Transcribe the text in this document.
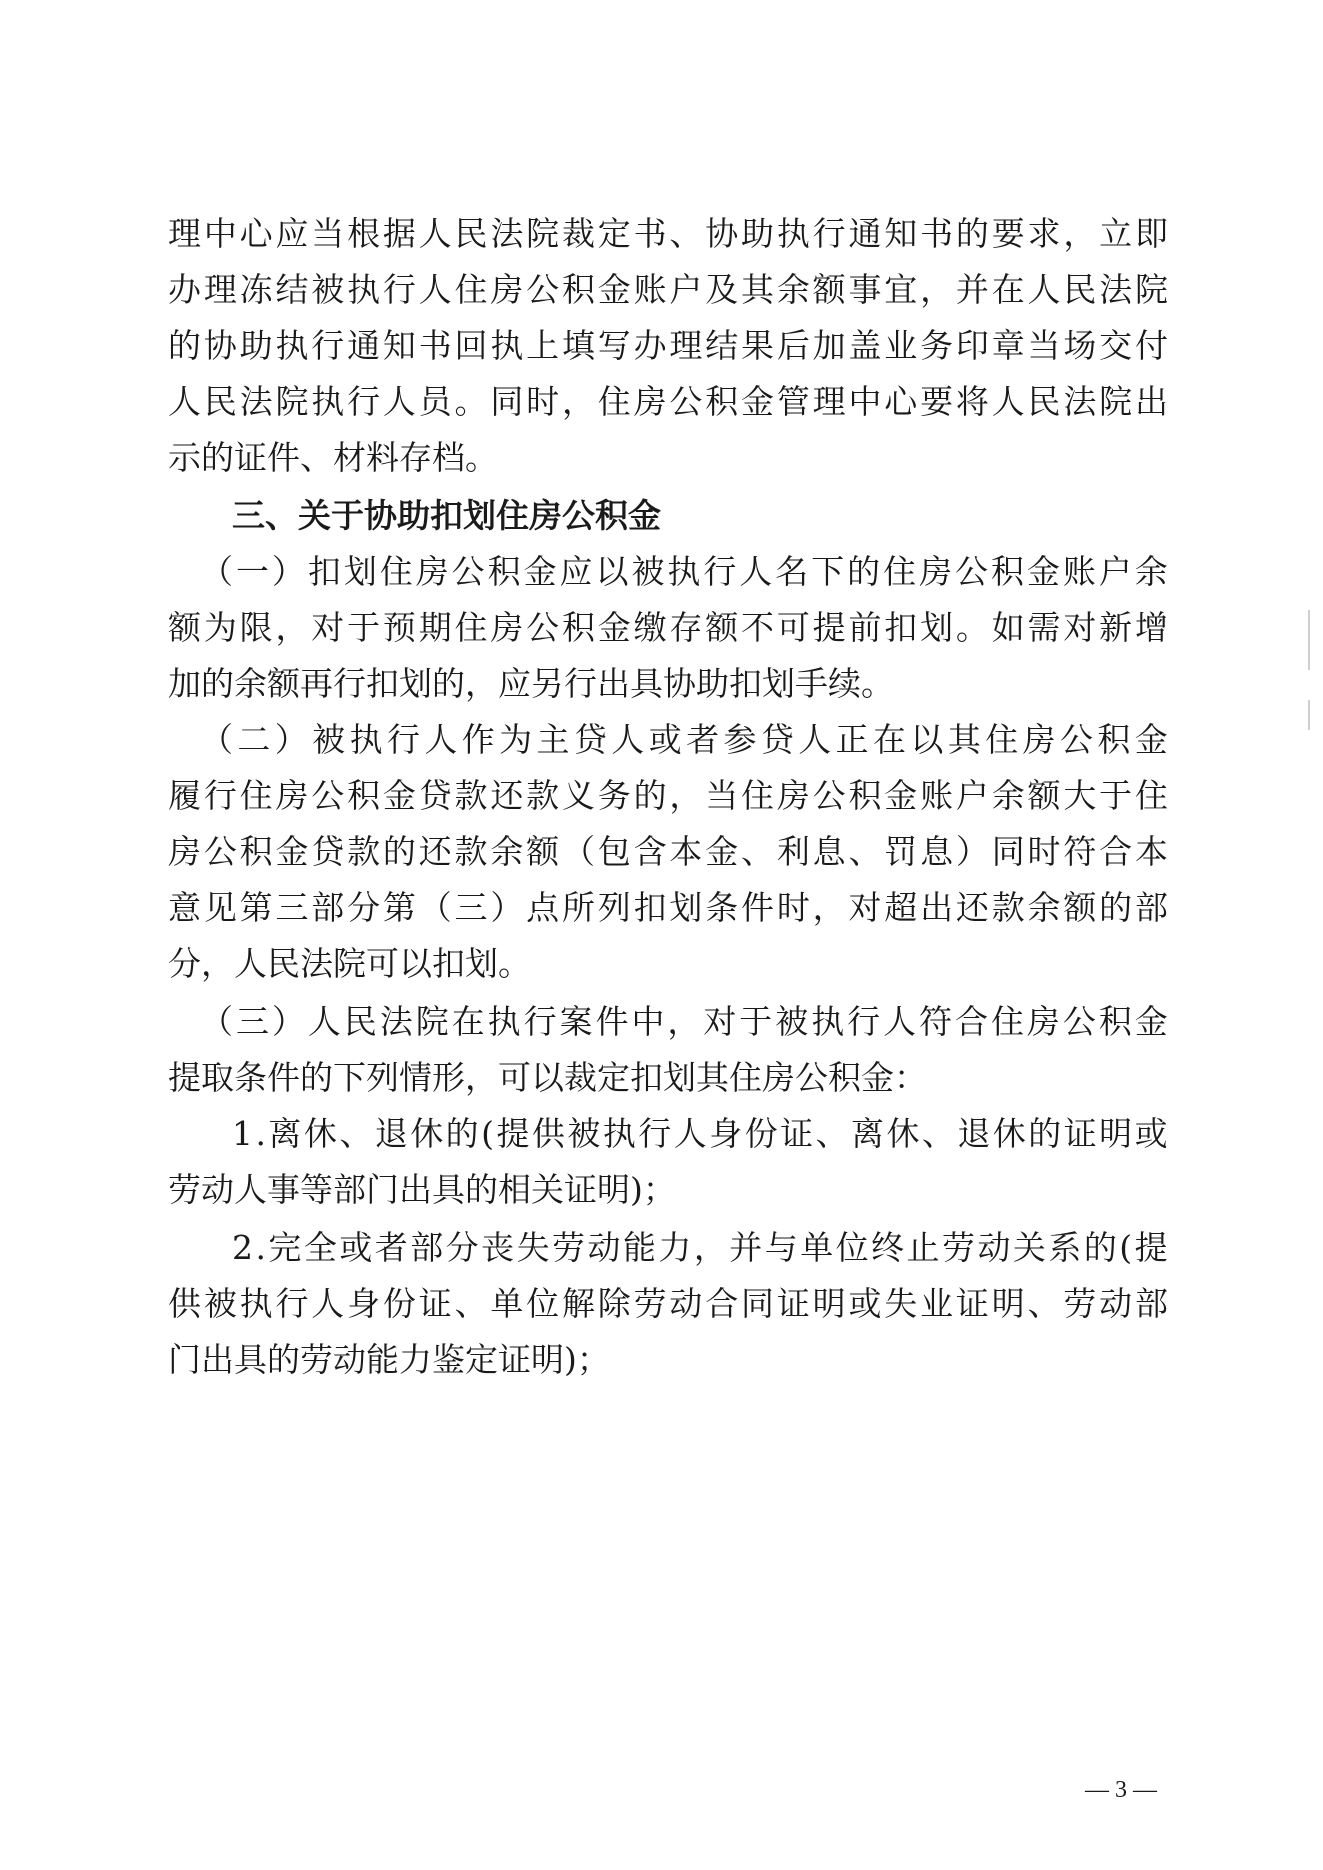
理 中 心 应 当 根 据 人 民 法 院 裁 定 书 、 协 助 执 行 通 知 书 的 要 求 ， 立 即
办 理 冻 结 被 执 行 人 住 房 公 积 金 账 户 及 其 余 额 事 宜 ， 并 在 人 民 法 院
的 协 助 执 行 通 知 书 回 执 上 填 写 办 理 结 果 后 加 盖 业 务 印 章 当 场 交 付
人 民 法 院 执 行 人 员 。 同 时 ， 住 房 公 积 金 管 理 中 心 要 将 人 民 法 院 出
示的证件、材料存档。
三、关于协助扣划住房公积金
（ 一 ） 扣 划 住 房 公 积 金 应 以 被 执 行 人 名 下 的 住 房 公 积 金 账 户 余
额 为 限 ， 对 于 预 期 住 房 公 积 金 缴 存 额 不 可 提 前 扣 划 。 如 需 对 新 增
加的余额再行扣划的，应另行出具协助扣划手续。
（ 二 ） 被 执 行 人 作 为 主 贷 人 或 者 参 贷 人 正 在 以 其 住 房 公 积 金
履 行 住 房 公 积 金 贷 款 还 款 义 务 的 ， 当 住 房 公 积 金 账 户 余 额 大 于 住
房 公 积 金 贷 款 的 还 款 余 额 （ 包 含 本 金 、 利 息 、 罚 息 ） 同 时 符 合 本
意 见 第 三 部 分 第 （ 三 ） 点 所 列 扣 划 条 件 时 ， 对 超 出 还 款 余 额 的 部
分，人民法院可以扣划。
（ 三 ） 人 民 法 院 在 执 行 案 件 中 ， 对 于 被 执 行 人 符 合 住 房 公 积 金
提取条件的下列情形，可以裁定扣划其住房公积金：
1 . 离 休 、 退 休 的 ( 提 供 被 执 行 人 身 份 证 、 离 休 、 退 休 的 证 明 或
劳动人事等部门出具的相关证明)；
2 . 完 全 或 者 部 分 丧 失 劳 动 能 力 ， 并 与 单 位 终 止 劳 动 关 系 的 ( 提
供 被 执 行 人 身 份 证 、 单 位 解 除 劳 动 合 同 证 明 或 失 业 证 明 、 劳 动 部
门出具的劳动能力鉴定证明)；
— 3 —
